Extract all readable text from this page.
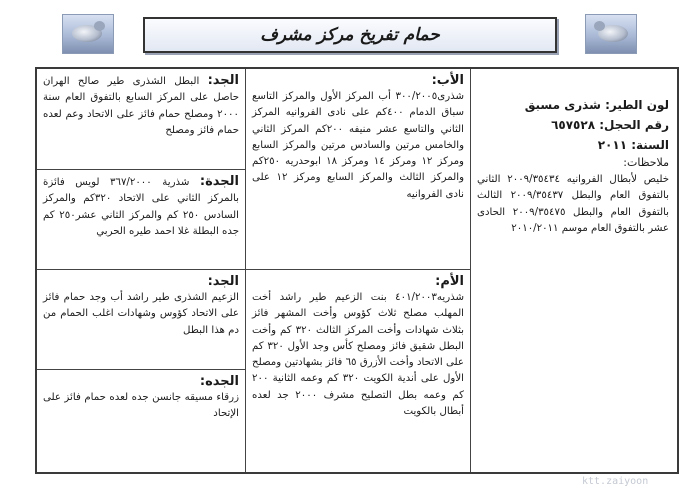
حمام تفريخ مركز مشرف
لون الطير: شذرى مسبق
رقم الحجل: ٦٥٧٥٢٨
السنة: ٢٠١١
ملاحظات:
خليص لأبطال الفروانيه ٢٠٠٩/٣٥٤٣٤ الثاني بالتفوق العام والبطل ٢٠٠٩/٣٥٤٣٧ الثالث بالتفوق العام والبطل ٢٠٠٩/٣٥٤٧٥ الحادى عشر بالتفوق العام موسم ٢٠١٠/٢٠١١
الأب:
شذرى٣٠٠/٢٠٠٥ أب المركز الأول والمركز التاسع سباق الدمام ٤٠٠كم على نادى الفروانيه المركز الثاني والتاسع عشر منيفه ٢٠٠كم المركز الثاني والخامس مرتين والسادس مرتين والمركز السابع ومركز ١٢ ومركز ١٤ ومركز ١٨ ابوحدريه ٢٥٠كم والمركز الثالث والمركز السابع ومركز ١٢ على نادى الفروانيه
الأم:
شذريه٤٠١/٢٠٠٣ بنت الزعيم طير راشد أخت المهلب مصلح ثلاث كؤوس وأخت المشهر فائز بثلاث شهادات وأخت المركز الثالث ٣٢٠ كم وأخت البطل شقيق فائز ومصلح كأس وجد الأول ٣٢٠ كم على الاتحاد وأخت الأزرق ٦٥ فائز بشهادتين ومصلح الأول على أندية الكويت ٣٢٠ كم وعمه الثانية ٢٠٠ كم وعمه بطل التصليح مشرف ٢٠٠٠ جد لعده أبطال بالكويت
الجد: البطل الشذرى طير صالح الهران حاصل على المركز السابع بالتفوق العام سنة ٢٠٠٠ ومصلح حمام فائز على الاتحاد وعم لعده حمام فائز ومصلح
الجدة: شذرية ٣٦٧/٢٠٠٠ لويس فائزة بالمركز الثاني على الاتحاد ٣٢٠كم والمركز السادس ٢٥٠ كم والمركز الثاني عشر٢٥٠ كم جده البطلة غلا احمد طيره الحربي
الجد:
الزعيم الشذرى طير راشد أب وجد حمام فائز على الاتحاد كؤوس وشهادات اغلب الحمام من دم هذا البطل
الجده:
زرقاء مسيقه جانسن جده لعده حمام فائز على الإتحاد
ktt.zaiyoon
